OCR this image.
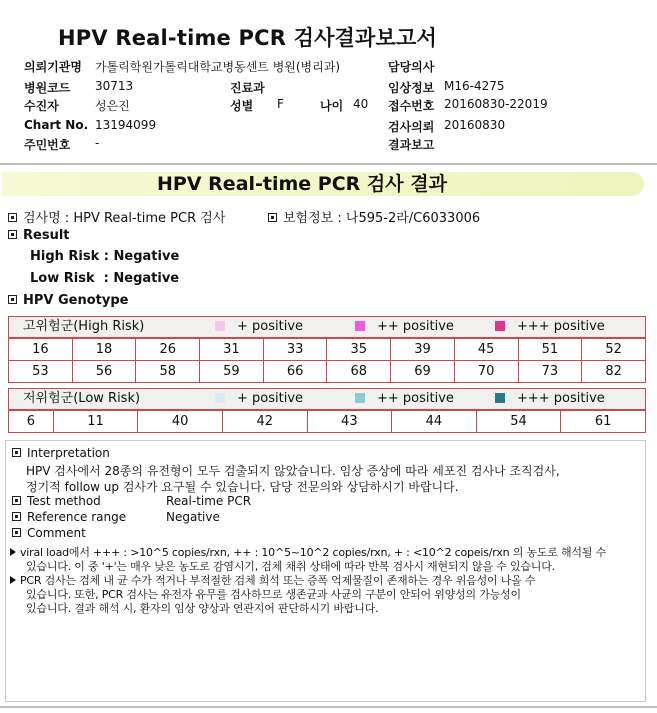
HPV Real-time PCR 검사결과보고서
의뢰기관명 가톨릭학원가톨릭대학교병동센트 병원(병리과)	담당의사
병원코드 30713	진료과	임상정보 M16-4275
수진자	성은진	성별 F	나이 40 접수번호 20160830-22019
Chart No. 13194099	검사의뢰 20160830
주민번호 -	결과보고
HPV Real-time PCR 검사 결과
검사명 : HPV Real-time PCR 검사	보험정보 : 나595-2라/C6033006
Result
High Risk : Negative
Low Risk  : Negative
HPV Genotype
고위험군(High Risk)	+ positive	++ positive	+++ positive
16	18	26	31	33	35	39	45	51	52
53	56	58	59	66	68	69	70	73	82
저위험군(Low Risk)	+ positive	++ positive	+++ positive
6	11	40	42	43	44	54	61
Interpretation
HPV 검사에서 28종의 유전형이 모두 검출되지 않았습니다. 임상 증상에 따라 세포진 검사나 조직검사,
정기적 follow up 검사가 요구될 수 있습니다. 담당 전문의와 상담하시기 바랍니다.
Test method	Real-time PCR
Reference range	Negative
Comment
viral load에서 +++ : >10^5 copies/rxn, ++ : 10^5~10^2 copies/rxn, + : <10^2 copeis/rxn 의 농도로 해석될 수
있습니다. 이 중 '+'는 매우 낮은 농도로 감염시기, 검체 채취 상태에 따라 반복 검사시 재현되지 않을 수 있습니다.
PCR 검사는 검체 내 균 수가 적거나 부적절한 검체 희석 또는 증폭 억제물질이 존재하는 경우 위음성이 나올 수
있습니다. 또한, PCR 검사는 유전자 유무를 검사하므로 생존균과 사균의 구분이 안되어 위양성의 가능성이
있습니다. 결과 해석 시, 환자의 임상 양상과 연관지어 판단하시기 바랍니다.
